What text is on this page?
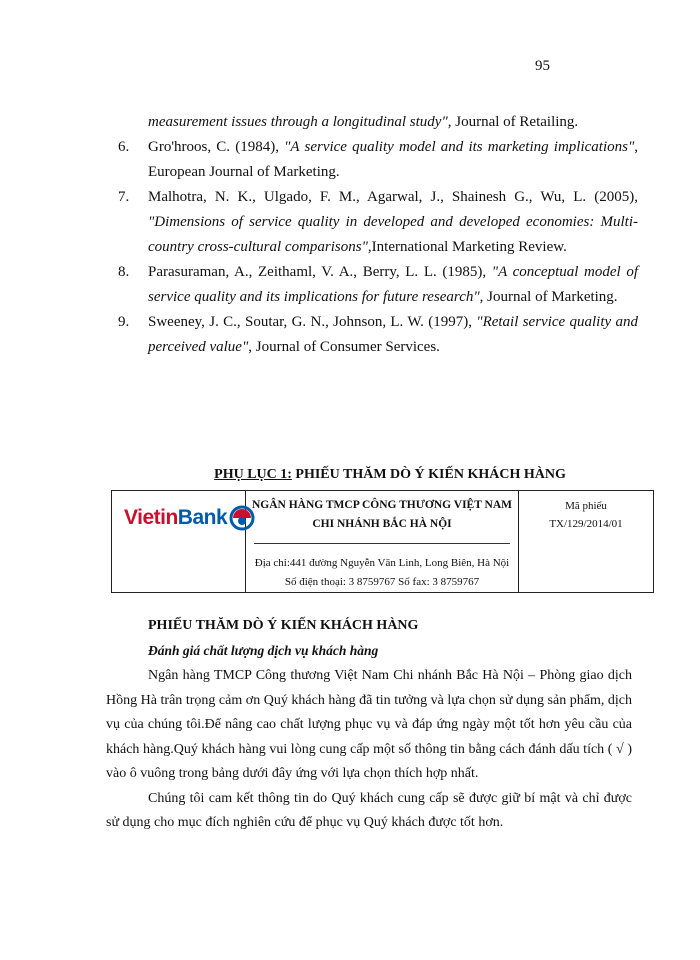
95
measurement issues through a longitudinal study", Journal of Retailing.
6.	Gro'hroos, C. (1984), "A service quality model and its marketing implications", European Journal of Marketing.
7.	Malhotra, N. K., Ulgado, F. M., Agarwal, J., Shainesh G., Wu, L. (2005), "Dimensions of service quality in developed and developed economies: Multi-country cross-cultural comparisons",International Marketing Review.
8.	Parasuraman, A., Zeithaml, V. A., Berry, L. L. (1985), "A conceptual model of service quality and its implications for future research", Journal of Marketing.
9.	Sweeney, J. C., Soutar, G. N., Johnson, L. W. (1997), "Retail service quality and perceived value", Journal of Consumer Services.
PHỤ LỤC 1: PHIẾU THĂM DÒ Ý KIẾN KHÁCH HÀNG
Vietin Bank

NGÂN HÀNG TMCP CÔNG THƯƠNG VIỆT NAM
CHI NHÁNH BẮC HÀ NỘI
Địa chỉ:441 đường Nguyễn Văn Linh, Long Biên, Hà Nội
Số điện thoại: 3 8759767 Số fax: 3 8759767

Mã phiếu
TX/129/2014/01
PHIẾU THĂM DÒ Ý KIẾN KHÁCH HÀNG
Đánh giá chất lượng dịch vụ khách hàng
Ngân hàng TMCP Công thương Việt Nam Chi nhánh Bắc Hà Nội – Phòng giao dịch Hồng Hà trân trọng cảm ơn Quý khách hàng đã tin tưởng và lựa chọn sử dụng sản phẩm, dịch vụ của chúng tôi.Để nâng cao chất lượng phục vụ và đáp ứng ngày một tốt hơn yêu cầu của khách hàng.Quý khách hàng vui lòng cung cấp một số thông tin bằng cách đánh dấu tích ( √ ) vào ô vuông trong bảng dưới đây ứng với lựa chọn thích hợp nhất.
Chúng tôi cam kết thông tin do Quý khách cung cấp sẽ được giữ bí mật và chỉ được sử dụng cho mục đích nghiên cứu để phục vụ Quý khách được tốt hơn.
